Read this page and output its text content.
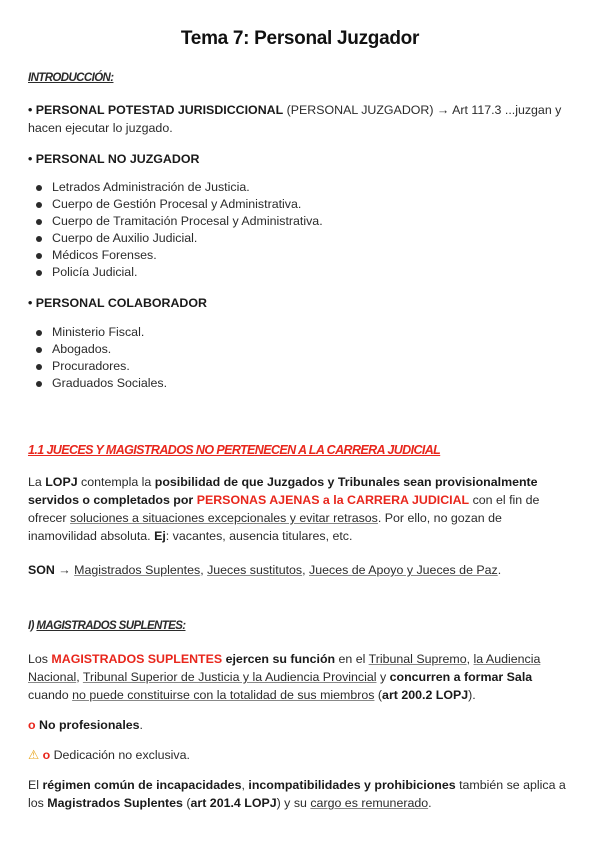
Tema 7: Personal Juzgador
INTRODUCCIÓN:
• PERSONAL POTESTAD JURISDICCIONAL (PERSONAL JUZGADOR) → Art 117.3 ...juzgan y
hacen ejecutar lo juzgado.
• PERSONAL NO JUZGADOR
Letrados Administración de Justicia.
Cuerpo de Gestión Procesal y Administrativa.
Cuerpo de Tramitación Procesal y Administrativa.
Cuerpo de Auxilio Judicial.
Médicos Forenses.
Policía Judicial.
• PERSONAL COLABORADOR
Ministerio Fiscal.
Abogados.
Procuradores.
Graduados Sociales.
1.1 JUECES Y MAGISTRADOS NO PERTENECEN A LA CARRERA JUDICIAL
La LOPJ contempla la posibilidad de que Juzgados y Tribunales sean provisionalmente
servidos o completados por PERSONAS AJENAS a la CARRERA JUDICIAL con el fin de
ofrecer soluciones a situaciones excepcionales y evitar retrasos. Por ello, no gozan de
inamovilidad absoluta. Ej: vacantes, ausencia titulares, etc.
SON → Magistrados Suplentes, Jueces sustitutos, Jueces de Apoyo y Jueces de Paz.
I) MAGISTRADOS SUPLENTES:
Los MAGISTRADOS SUPLENTES ejercen su función en el Tribunal Supremo, la Audiencia
Nacional, Tribunal Superior de Justicia y la Audiencia Provincial y concurren a formar Sala
cuando no puede constituirse con la totalidad de sus miembros (art 200.2 LOPJ).
o No profesionales.
⚠ o Dedicación no exclusiva.
El régimen común de incapacidades, incompatibilidades y prohibiciones también se aplica a
los Magistrados Suplentes (art 201.4 LOPJ) y su cargo es remunerado.
